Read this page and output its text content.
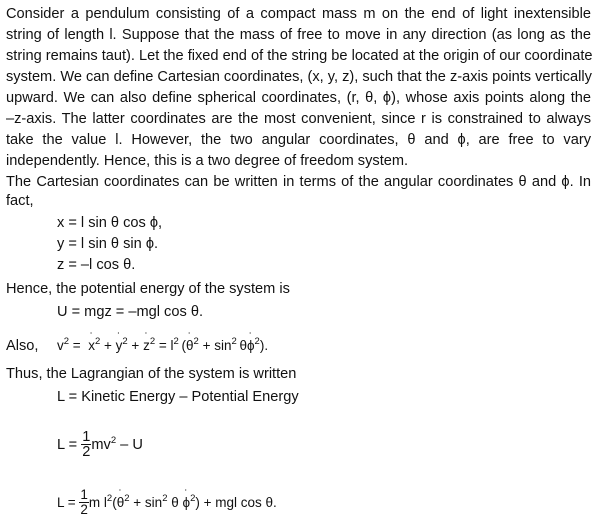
Consider a pendulum consisting of a compact mass m on the end of light inextensible
string of length l. Suppose that the mass of free to move in any direction (as long as the
string remains taut). Let the fixed end of the string be located at the origin of our coordinate
system. We can define Cartesian coordinates, (x, y, z), such that the z-axis points vertically
upward. We can also define spherical coordinates, (r, θ, ϕ), whose axis points along the
–z-axis. The latter coordinates are the most convenient, since r is constrained to always
take the value l. However, the two angular coordinates, θ and ϕ, are free to vary
independently. Hence, this is a two degree of freedom system.
The Cartesian coordinates can be written in terms of the angular coordinates θ and ϕ. In
fact,
x = l sin θ cos ϕ,
y = l sin θ sin ϕ.
z = –l cos θ.
Hence, the potential energy of the system is
U = mgz = –mgl cos θ.
Also, $v^2$ =  ˙ $x^2$ + ˙ $y^2$ + ˙ $z^2 = l^2$ (˙ $\theta^2 + \sin^2$ θ˙ $\phi^2$).
Thus, the Lagrangian of the system is written
L = Kinetic Energy – Potential Energy
$L = \frac{1}{2} mv^2 - U$
$L = \frac{1}{2}$ m $l^2(˙$ $\theta^2 + \sin^2 \theta$ ˙ $\phi^2$) + mgl cos θ.
